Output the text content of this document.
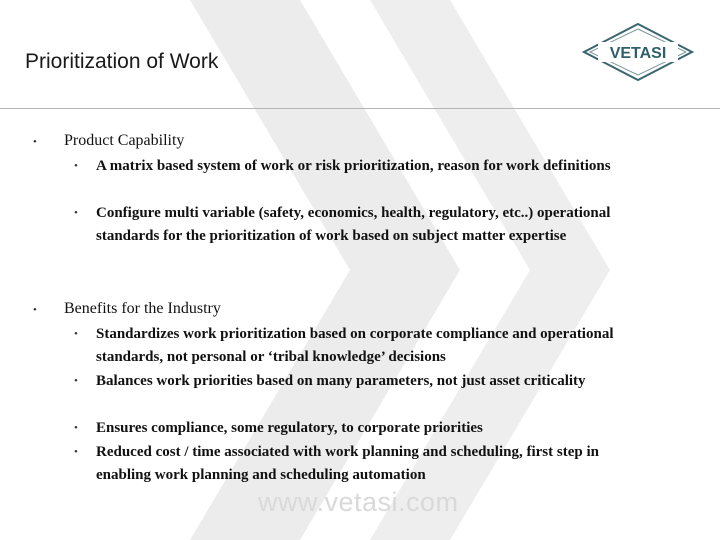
Prioritization of Work	VETASI
• Product Capability
• A matrix based system of work or risk prioritization, reason for work definitions
• Configure multi variable (safety, economics, health, regulatory, etc..) operational standards for the prioritization of work based on subject matter expertise
• Benefits for the Industry
• Standardizes work prioritization based on corporate compliance and operational standards, not personal or ‘tribal knowledge’ decisions
• Balances work priorities based on many parameters, not just asset criticality
• Ensures compliance, some regulatory, to corporate priorities
• Reduced cost / time associated with work planning and scheduling, first step in enabling work planning and scheduling automation
www.vetasi.com
